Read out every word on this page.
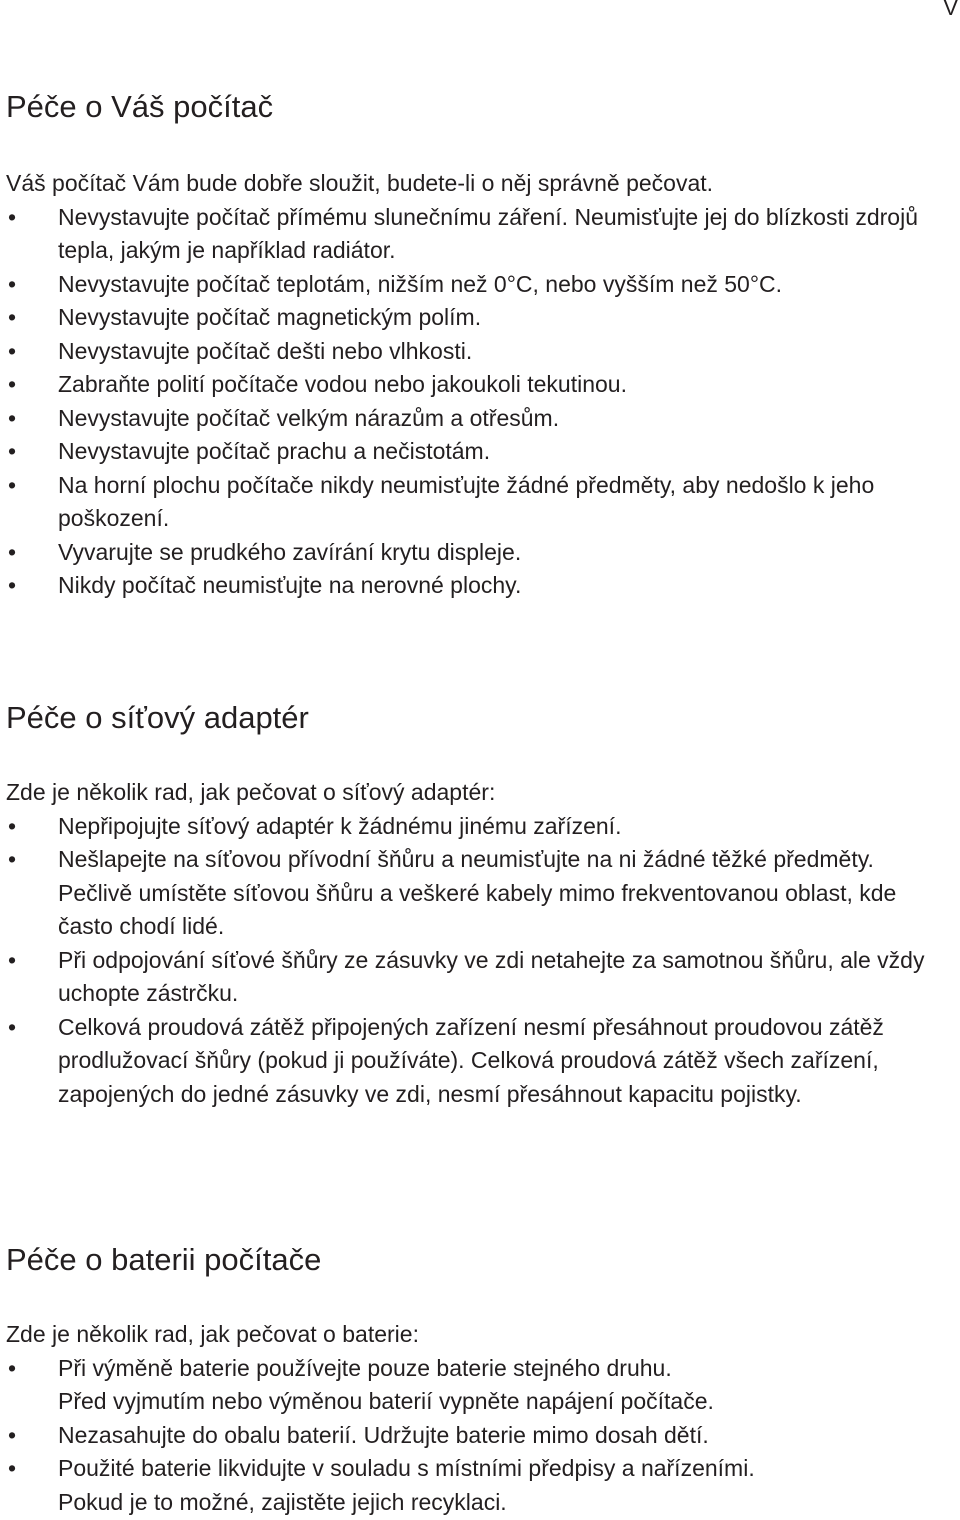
V
Péče o Váš počítač

Váš počítač Vám bude dobře sloužit, budete-li o něj správně pečovat.

• Nevystavujte počítač přímému slunečnímu záření. Neumisťujte jej do blízkosti zdrojů tepla, jakým je například radiátor.
• Nevystavujte počítač teplotám, nižším než 0°C, nebo vyšším než 50°C.
• Nevystavujte počítač magnetickým polím.
• Nevystavujte počítač dešti nebo vlhkosti.
• Zabraňte polití počítače vodou nebo jakoukoli tekutinou.
• Nevystavujte počítač velkým nárazům a otřesům.
• Nevystavujte počítač prachu a nečistotám.
• Na horní plochu počítače nikdy neumisťujte žádné předměty, aby nedošlo k jeho poškození.
• Vyvarujte se prudkého zavírání krytu displeje.
• Nikdy počítač neumisťujte na nerovné plochy.
Péče o síťový adaptér

Zde je několik rad, jak pečovat o síťový adaptér:

• Nepřipojujte síťový adaptér k žádnému jinému zařízení.
• Nešlapejte na síťovou přívodní šňůru a neumisťujte na ni žádné těžké předměty.
Pečlivě umístěte síťovou šňůru a veškeré kabely mimo frekventovanou oblast, kde často chodí lidé.
• Při odpojování síťové šňůry ze zásuvky ve zdi netahejte za samotnou šňůru, ale vždy uchopte zástrčku.
• Celková proudová zátěž připojených zařízení nesmí přesáhnout proudovou zátěž prodlužovací šňůry (pokud ji používáte). Celková proudová zátěž všech zařízení, zapojených do jedné zásuvky ve zdi, nesmí přesáhnout kapacitu pojistky.
Péče o baterii počítače

Zde je několik rad, jak pečovat o baterie:

• Při výměně baterie používejte pouze baterie stejného druhu.
Před vyjmutím nebo výměnou baterií vypněte napájení počítače.
• Nezasahujte do obalu baterií. Udržujte baterie mimo dosah dětí.
• Použité baterie likvidujte v souladu s místními předpisy a nařízeními.
Pokud je to možné, zajistěte jejich recyklaci.
